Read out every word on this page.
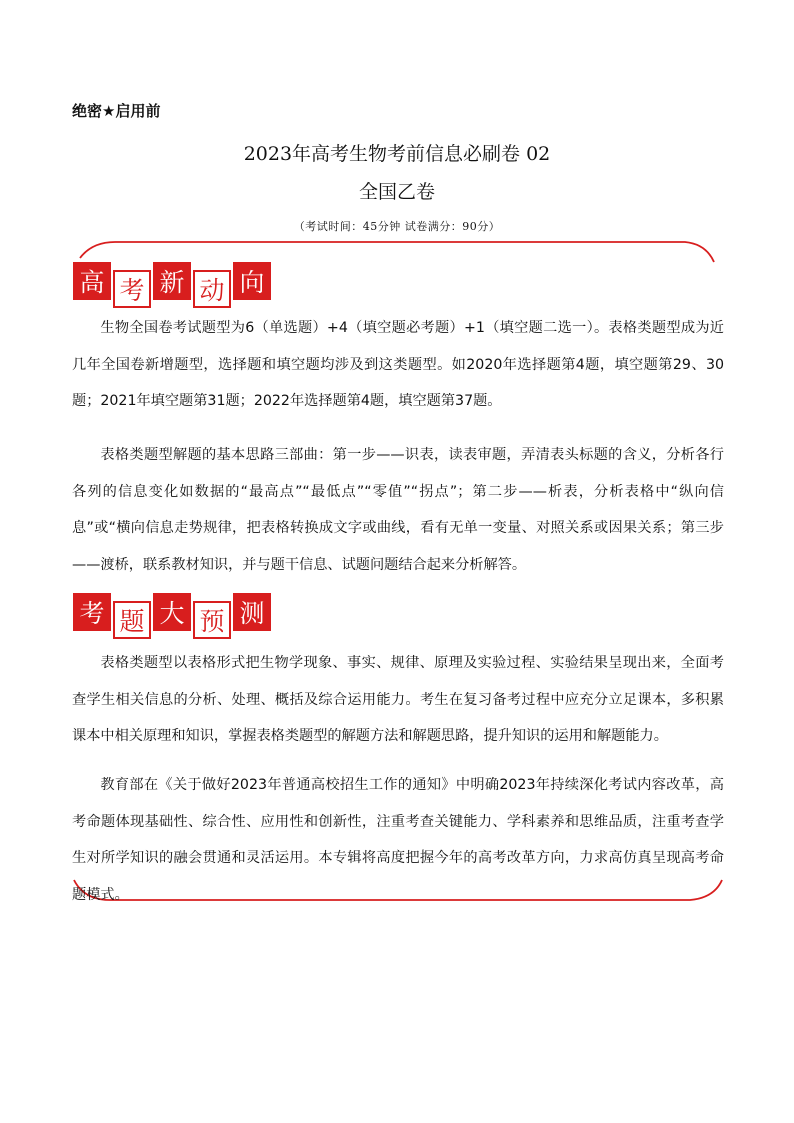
绝密★启用前
2023年高考生物考前信息必刷卷 02
全国乙卷
（考试时间：45分钟 试卷满分：90分）
高 考 新 动 向
生物全国卷考试题型为6（单选题）+4（填空题必考题）+1（填空题二选一）。表格类题型成为近几年全国卷新增题型，选择题和填空题均涉及到这类题型。如2020年选择题第4题，填空题第29、30题；2021年填空题第31题；2022年选择题第4题，填空题第37题。
表格类题型解题的基本思路三部曲：第一步——识表，读表审题，弄清表头标题的含义，分析各行各列的信息变化如数据的“最高点”“最低点”“零值”“拐点”；第二步——析表，分析表格中“纵向信息”或“横向信息走势规律，把表格转换成文字或曲线，看有无单一变量、对照关系或因果关系；第三步——渡桥，联系教材知识，并与题干信息、试题问题结合起来分析解答。
考 题 大 预 测
表格类题型以表格形式把生物学现象、事实、规律、原理及实验过程、实验结果呈现出来，全面考查学生相关信息的分析、处理、概括及综合运用能力。考生在复习备考过程中应充分立足课本，多积累课本中相关原理和知识，掌握表格类题型的解题方法和解题思路，提升知识的运用和解题能力。
教育部在《关于做好2023年普通高校招生工作的通知》中明确2023年持续深化考试内容改革，高考命题体现基础性、综合性、应用性和创新性，注重考查关键能力、学科素养和思维品质，注重考查学生对所学知识的融会贯通和灵活运用。本专辑将高度把握今年的高考改革方向，力求高仿真呈现高考命题模式。
